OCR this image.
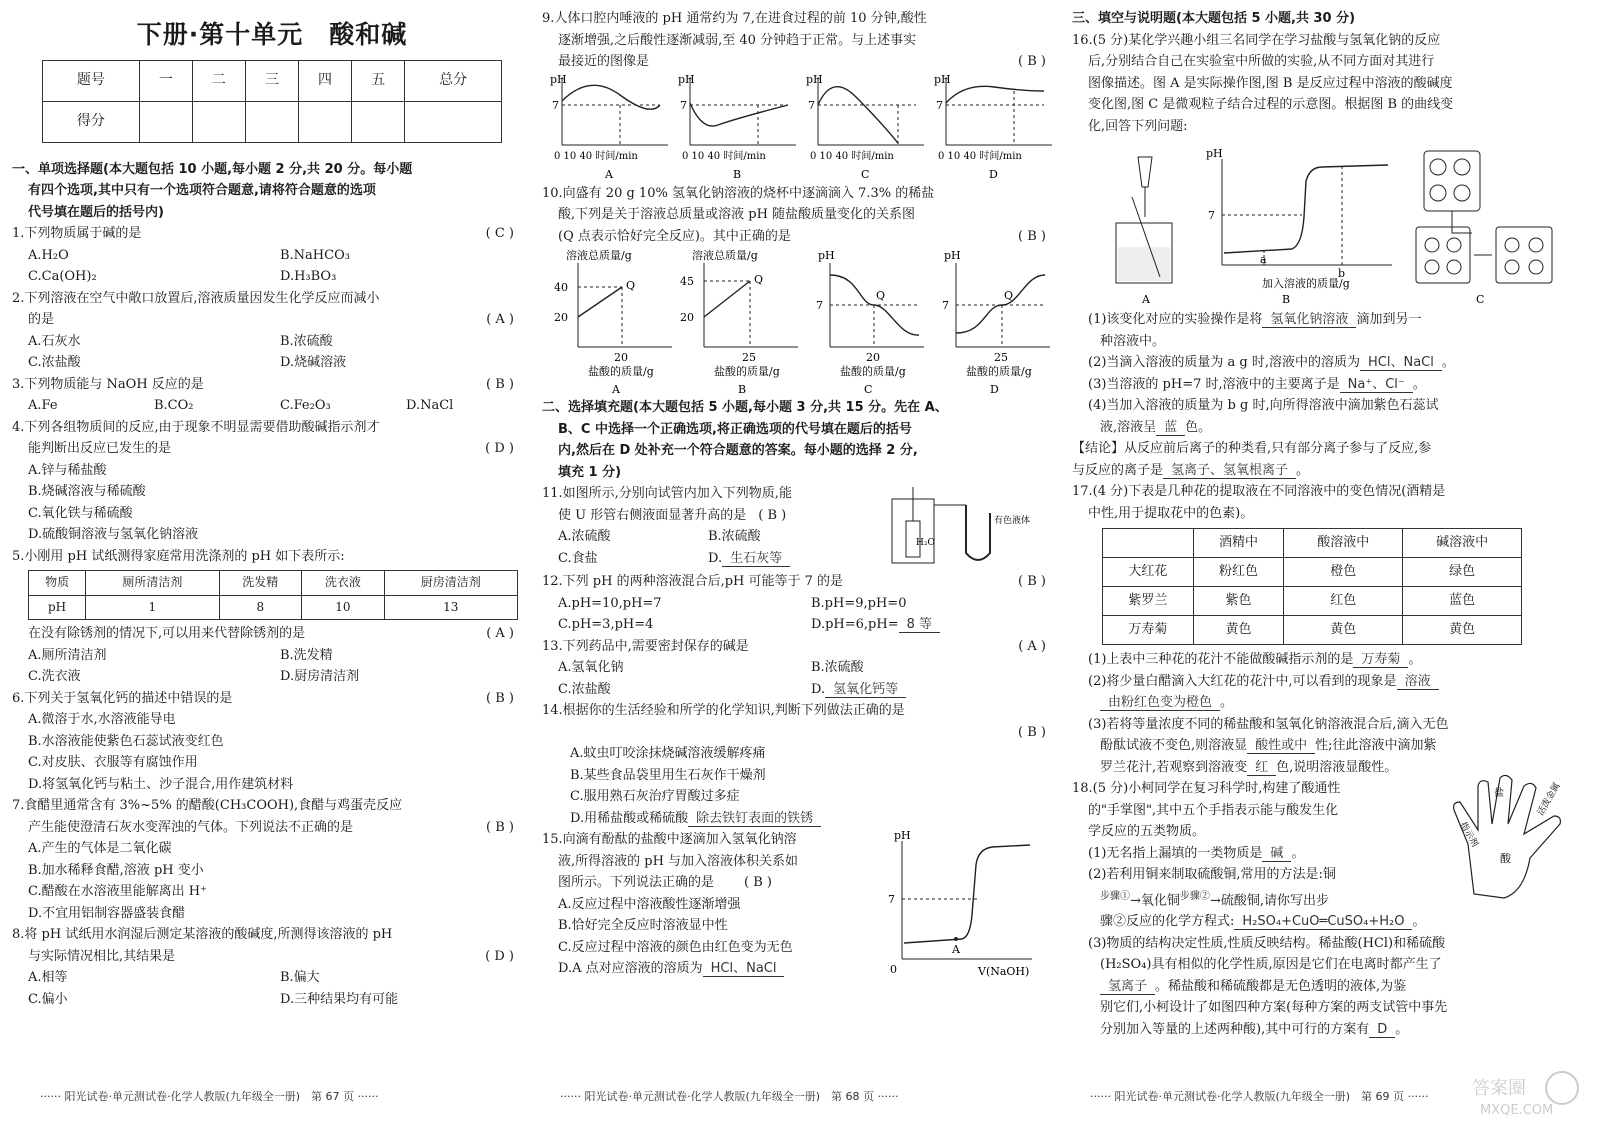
下册·第十单元　酸和碱
题号	一	二	三	四	五	总分
得分						
一、单项选择题(本大题包括 10 小题,每小题 2 分,共 20 分。每小题
有四个选项,其中只有一个选项符合题意,请将符合题意的选项
代号填在题后的括号内)
1.下列物质属于碱的是	( C )
A.H₂O	B.NaHCO₃
C.Ca(OH)₂	D.H₃BO₃
2.下列溶液在空气中敞口放置后,溶液质量因发生化学反应而减小
的是	( A )
A.石灰水	B.浓硫酸
C.浓盐酸	D.烧碱溶液
3.下列物质能与 NaOH 反应的是	( B )
A.Fe	B.CO₂	C.Fe₂O₃	D.NaCl
4.下列各组物质间的反应,由于现象不明显需要借助酸碱指示剂才
能判断出反应已发生的是	( D )
A.锌与稀盐酸
B.烧碱溶液与稀硫酸
C.氧化铁与稀硫酸
D.硫酸铜溶液与氢氧化钠溶液
5.小刚用 pH 试纸测得家庭常用洗涤剂的 pH 如下表所示:
物质	厕所清洁剂	洗发精	洗衣液	厨房清洁剂
pH	1	8	10	13
在没有除锈剂的情况下,可以用来代替除锈剂的是	( A )
A.厕所清洁剂	B.洗发精
C.洗衣液	D.厨房清洁剂
6.下列关于氢氧化钙的描述中错误的是	( B )
A.微溶于水,水溶液能导电
B.水溶液能使紫色石蕊试液变红色
C.对皮肤、衣服等有腐蚀作用
D.将氢氧化钙与粘土、沙子混合,用作建筑材料
7.食醋里通常含有 3%~5% 的醋酸(CH₃COOH),食醋与鸡蛋壳反应
产生能使澄清石灰水变浑浊的气体。下列说法不正确的是	( B )
A.产生的气体是二氧化碳
B.加水稀释食醋,溶液 pH 变小
C.醋酸在水溶液里能解离出 H⁺
D.不宜用铝制容器盛装食醋
8.将 pH 试纸用水润湿后测定某溶液的酸碱度,所测得该溶液的 pH
与实际情况相比,其结果是	( D )
A.相等	B.偏大
C.偏小	D.三种结果均有可能
9.人体口腔内唾液的 pH 通常约为 7,在进食过程的前 10 分钟,酸性
逐渐增强,之后酸性逐渐减弱,至 40 分钟趋于正常。与上述事实
最接近的图像是	( B )
pH
7
0 10 40 时间/min
A
pH
7
0 10 40 时间/min
B
pH
7
0 10 40 时间/min
C
pH
7
0 10 40 时间/min
D
10.向盛有 20 g 10% 氢氧化钠溶液的烧杯中逐滴滴入 7.3% 的稀盐
酸,下列是关于溶液总质量或溶液 pH 随盐酸质量变化的关系图
(Q 点表示恰好完全反应)。其中正确的是	( B )
溶液总质量/g
40
20
Q
20
盐酸的质量/g
A
溶液总质量/g
45
20
Q
25
盐酸的质量/g
B
pH
7
Q
20
盐酸的质量/g
C
pH
7
Q
25
盐酸的质量/g
D
二、选择填充题(本大题包括 5 小题,每小题 3 分,共 15 分。先在 A、
B、C 中选择一个正确选项,将正确选项的代号填在题后的括号
内,然后在 D 处补充一个符合题意的答案。每小题的选择 2 分,
填充 1 分)
11.如图所示,分别向试管内加入下列物质,能
使 U 形管右侧液面显著升高的是 ( B )
A.浓硫酸	B.浓硫酸
C.食盐	D. 生石灰等
H₂O
有色液体
12.下列 pH 的两种溶液混合后,pH 可能等于 7 的是	( B )
A.pH=10,pH=7	B.pH=9,pH=0
C.pH=3,pH=4	D.pH=6,pH= 8 等
13.下列药品中,需要密封保存的碱是	( A )
A.氢氧化钠	B.浓硫酸
C.浓盐酸	D. 氢氧化钙等
14.根据你的生活经验和所学的化学知识,判断下列做法正确的是
( B )
A.蚊虫叮咬涂抹烧碱溶液缓解疼痛
B.某些食品袋里用生石灰作干燥剂
C.服用熟石灰治疗胃酸过多症
D.用稀盐酸或稀硫酸 除去铁钉表面的铁锈
15.向滴有酚酞的盐酸中逐滴加入氢氧化钠溶
液,所得溶液的 pH 与加入溶液体积关系如
图所示。下列说法正确的是 ( B )
A.反应过程中溶液酸性逐渐增强
B.恰好完全反应时溶液显中性
C.反应过程中溶液的颜色由红色变为无色
D.A 点对应溶液的溶质为 HCl、NaCl
pH
7
A
0	V(NaOH)
三、填空与说明题(本大题包括 5 小题,共 30 分)
16.(5 分)某化学兴趣小组三名同学在学习盐酸与氢氧化钠的反应
后,分别结合自己在实验室中所做的实验,从不同方面对其进行
图像描述。图 A 是实际操作图,图 B 是反应过程中溶液的酸碱度
变化图,图 C 是微观粒子结合过程的示意图。根据图 B 的曲线变
化,回答下列问题:
A
pH
7
a
b
加入溶液的质量/g
B	C
(1)该变化对应的实验操作是将 氢氧化钠溶液 滴加到另一
种溶液中。
(2)当滴入溶液的质量为 a g 时,溶液中的溶质为 HCl、NaCl 。
(3)当溶液的 pH=7 时,溶液中的主要离子是 Na⁺、Cl⁻ 。
(4)当加入溶液的质量为 b g 时,向所得溶液中滴加紫色石蕊试
液,溶液呈 蓝 色。
【结论】从反应前后离子的种类看,只有部分离子参与了反应,参
与反应的离子是 氢离子、氢氧根离子 。
17.(4 分)下表是几种花的提取液在不同溶液中的变色情况(酒精是
中性,用于提取花中的色素)。
	酒精中	酸溶液中	碱溶液中
大红花	粉红色	橙色	绿色
紫罗兰	紫色	红色	蓝色
万寿菊	黄色	黄色	黄色
(1)上表中三种花的花汁不能做酸碱指示剂的是 万寿菊 。
(2)将少量白醋滴入大红花的花汁中,可以看到的现象是 溶液
由粉红色变为橙色 。
(3)若将等量浓度不同的稀盐酸和氢氧化钠溶液混合后,滴入无色
酚酞试液不变色,则溶液显 酸性或中 性;往此溶液中滴加紫
罗兰花汁,若观察到溶液变 红 色,说明溶液显酸性。
18.(5 分)小柯同学在复习科学时,构建了酸通性
的"手掌图",其中五个手指表示能与酸发生化
学反应的五类物质。
(1)无名指上漏填的一类物质是 碱 。
(2)若利用铜来制取硫酸铜,常用的方法是:铜
$^{步骤①}$→氧化铜$^{步骤②}$→硫酸铜,请你写出步
骤②反应的化学方程式: H₂SO₄+CuO═CuSO₄+H₂O 。
(3)物质的结构决定性质,性质反映结构。稀盐酸(HCl)和稀硫酸
(H₂SO₄)具有相似的化学性质,原因是它们在电离时都产生了
氢离子 。稀盐酸和稀硫酸都是无色透明的液体,为鉴
别它们,小柯设计了如图四种方案(每种方案的两支试管中事先
分别加入等量的上述两种酸),其中可行的方案有 D 。
酸
盐
指示剂
活泼金属
······ 阳光试卷·单元测试卷·化学人教版(九年级全一册)　第 67 页 ······	······ 阳光试卷·单元测试卷·化学人教版(九年级全一册)　第 68 页 ······	······ 阳光试卷·单元测试卷·化学人教版(九年级全一册)　第 69 页 ······ 答案圈
MXQE.COM
